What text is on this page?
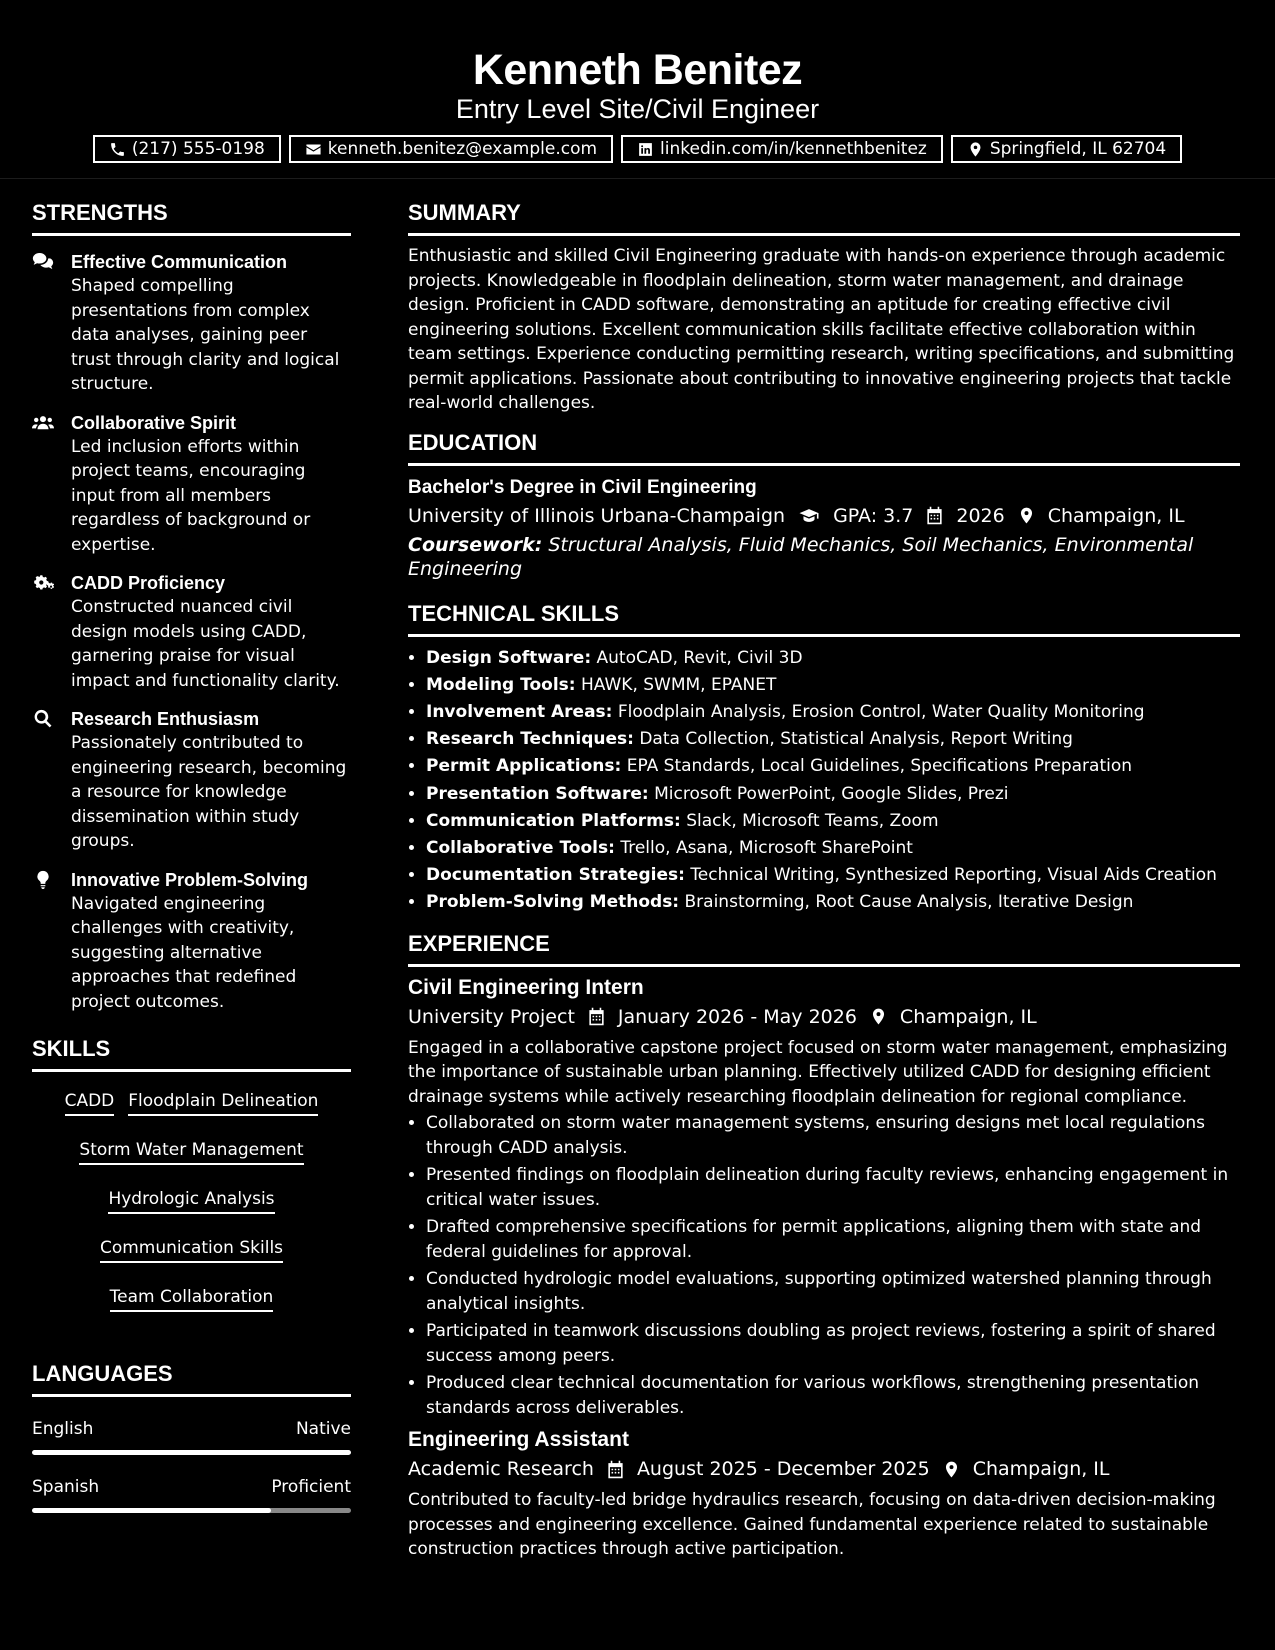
Kenneth Benitez
Entry Level Site/Civil Engineer
(217) 555-0198	kenneth.benitez@example.com	linkedin.com/in/kennethbenitez	Springfield, IL 62704
STRENGTHS
Effective Communication
Shaped compelling presentations from complex data analyses, gaining peer trust through clarity and logical structure.
Collaborative Spirit
Led inclusion efforts within project teams, encouraging input from all members regardless of background or expertise.
CADD Proficiency
Constructed nuanced civil design models using CADD, garnering praise for visual impact and functionality clarity.
Research Enthusiasm
Passionately contributed to engineering research, becoming a resource for knowledge dissemination within study groups.
Innovative Problem-Solving
Navigated engineering challenges with creativity, suggesting alternative approaches that redefined project outcomes.
SKILLS
CADD Floodplain Delineation
Storm Water Management
Hydrologic Analysis
Communication Skills
Team Collaboration
LANGUAGES
English	Native
Spanish	Proficient
SUMMARY
Enthusiastic and skilled Civil Engineering graduate with hands-on experience through academic projects. Knowledgeable in floodplain delineation, storm water management, and drainage design. Proficient in CADD software, demonstrating an aptitude for creating effective civil engineering solutions. Excellent communication skills facilitate effective collaboration within team settings. Experience conducting permitting research, writing specifications, and submitting permit applications. Passionate about contributing to innovative engineering projects that tackle real-world challenges.
EDUCATION
Bachelor's Degree in Civil Engineering
University of Illinois Urbana-Champaign	GPA: 3.7 2026 Champaign, IL
Coursework: Structural Analysis, Fluid Mechanics, Soil Mechanics, Environmental Engineering
TECHNICAL SKILLS
• Design Software: AutoCAD, Revit, Civil 3D
• Modeling Tools: HAWK, SWMM, EPANET
• Involvement Areas: Floodplain Analysis, Erosion Control, Water Quality Monitoring
• Research Techniques: Data Collection, Statistical Analysis, Report Writing
• Permit Applications: EPA Standards, Local Guidelines, Specifications Preparation
• Presentation Software: Microsoft PowerPoint, Google Slides, Prezi
• Communication Platforms: Slack, Microsoft Teams, Zoom
• Collaborative Tools: Trello, Asana, Microsoft SharePoint
• Documentation Strategies: Technical Writing, Synthesized Reporting, Visual Aids Creation
• Problem-Solving Methods: Brainstorming, Root Cause Analysis, Iterative Design
EXPERIENCE
Civil Engineering Intern
University Project January 2026 - May 2026 Champaign, IL
Engaged in a collaborative capstone project focused on storm water management, emphasizing the importance of sustainable urban planning. Effectively utilized CADD for designing efficient drainage systems while actively researching floodplain delineation for regional compliance.
• Collaborated on storm water management systems, ensuring designs met local regulations through CADD analysis.
• Presented findings on floodplain delineation during faculty reviews, enhancing engagement in critical water issues.
• Drafted comprehensive specifications for permit applications, aligning them with state and federal guidelines for approval.
• Conducted hydrologic model evaluations, supporting optimized watershed planning through analytical insights.
• Participated in teamwork discussions doubling as project reviews, fostering a spirit of shared success among peers.
• Produced clear technical documentation for various workflows, strengthening presentation standards across deliverables.
Engineering Assistant
Academic Research August 2025 - December 2025 Champaign, IL
Contributed to faculty-led bridge hydraulics research, focusing on data-driven decision-making processes and engineering excellence. Gained fundamental experience related to sustainable construction practices through active participation.
